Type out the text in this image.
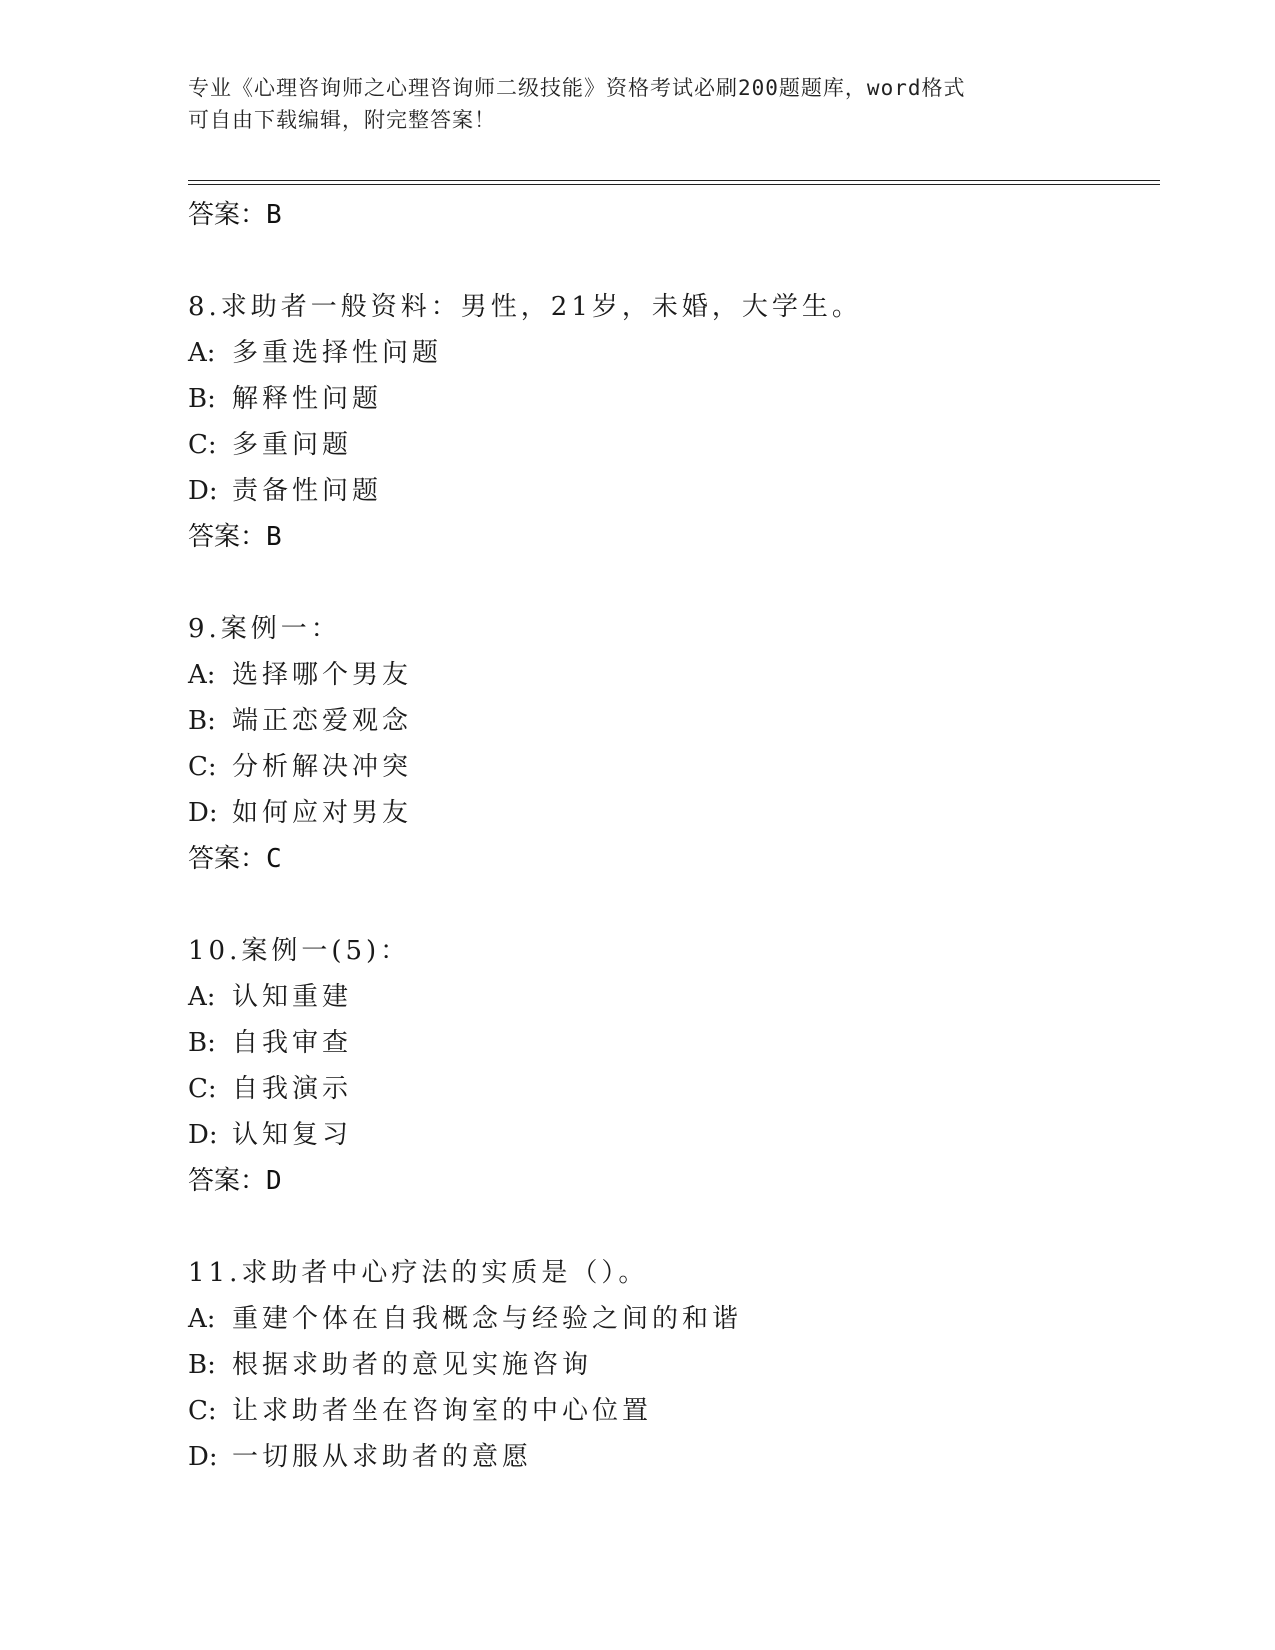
专业《心理咨询师之心理咨询师二级技能》资格考试必刷200题题库，word格式
可自由下载编辑，附完整答案！
答案：B
8.求助者一般资料：男性，21岁，未婚，大学生。
A: 多重选择性问题
B: 解释性问题
C: 多重问题
D: 责备性问题
答案：B
9.案例一：
A: 选择哪个男友
B: 端正恋爱观念
C: 分析解决冲突
D: 如何应对男友
答案：C
10.案例一(5)：
A: 认知重建
B: 自我审查
C: 自我演示
D: 认知复习
答案：D
11.求助者中心疗法的实质是（）。
A: 重建个体在自我概念与经验之间的和谐
B: 根据求助者的意见实施咨询
C: 让求助者坐在咨询室的中心位置
D: 一切服从求助者的意愿
